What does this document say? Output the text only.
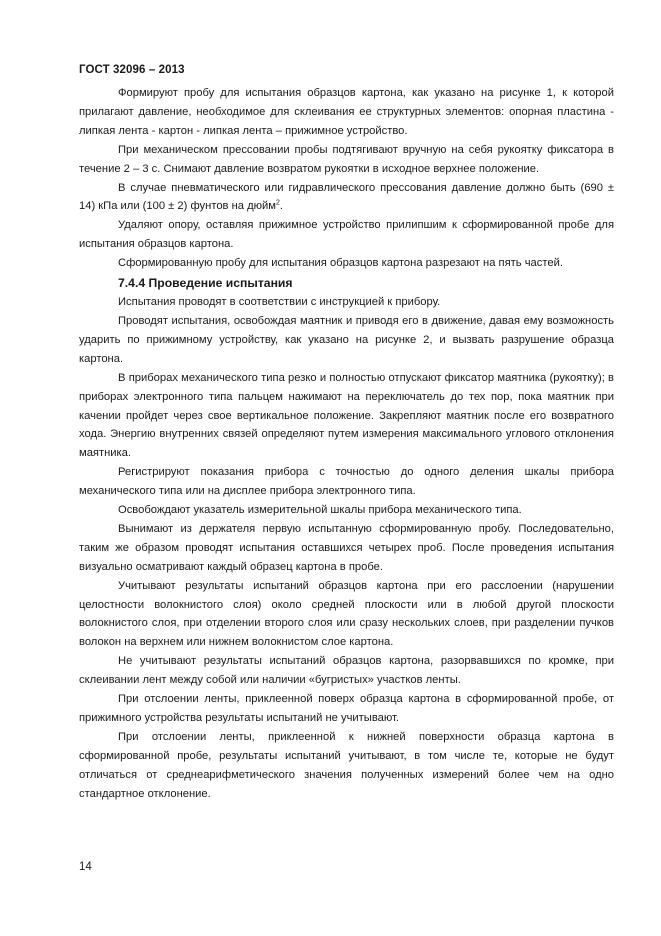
ГОСТ 32096 – 2013

Формируют пробу для испытания образцов картона, как указано на рисунке 1, к которой прилагают давление, необходимое для склеивания ее структурных элементов: опорная пластина - липкая лента - картон - липкая лента – прижимное устройство.

При механическом прессовании пробы подтягивают вручную на себя рукоятку фиксатора в течение 2 – 3 с. Снимают давление возвратом рукоятки в исходное верхнее положение.

В случае пневматического или гидравлического прессования давление должно быть (690 ± 14) кПа или (100 ± 2) фунтов на дюйм$^2$.

Удаляют опору, оставляя прижимное устройство прилипшим к сформированной пробе для испытания образцов картона.

Сформированную пробу для испытания образцов картона разрезают на пять частей.

7.4.4 Проведение испытания

Испытания проводят в соответствии с инструкцией к прибору.

Проводят испытания, освобождая маятник и приводя его в движение, давая ему возможность ударить по прижимному устройству, как указано на рисунке 2, и вызвать разрушение образца картона.

В приборах механического типа резко и полностью отпускают фиксатор маятника (рукоятку); в приборах электронного типа пальцем нажимают на переключатель до тех пор, пока маятник при качении пройдет через свое вертикальное положение. Закрепляют маятник после его возвратного хода. Энергию внутренних связей определяют путем измерения максимального углового отклонения маятника.

Регистрируют показания прибора с точностью до одного деления шкалы прибора механического типа или на дисплее прибора электронного типа.

Освобождают указатель измерительной шкалы прибора механического типа.

Вынимают из держателя первую испытанную сформированную пробу. Последовательно, таким же образом проводят испытания оставшихся четырех проб. После проведения испытания визуально осматривают каждый образец картона в пробе.

Учитывают результаты испытаний образцов картона при его расслоении (нарушении целостности волокнистого слоя) около средней плоскости или в любой другой плоскости волокнистого слоя, при отделении второго слоя или сразу нескольких слоев, при разделении пучков волокон на верхнем или нижнем волокнистом слое картона.

Не учитывают результаты испытаний образцов картона, разорвавшихся по кромке, при склеивании лент между собой или наличии «бугристых» участков ленты.

При отслоении ленты, приклеенной поверх образца картона в сформированной пробе, от прижимного устройства результаты испытаний не учитывают.

При отслоении ленты, приклеенной к нижней поверхности образца картона в сформированной пробе, результаты испытаний учитывают, в том числе те, которые не будут отличаться от среднеарифметического значения полученных измерений более чем на одно стандартное отклонение.

14
